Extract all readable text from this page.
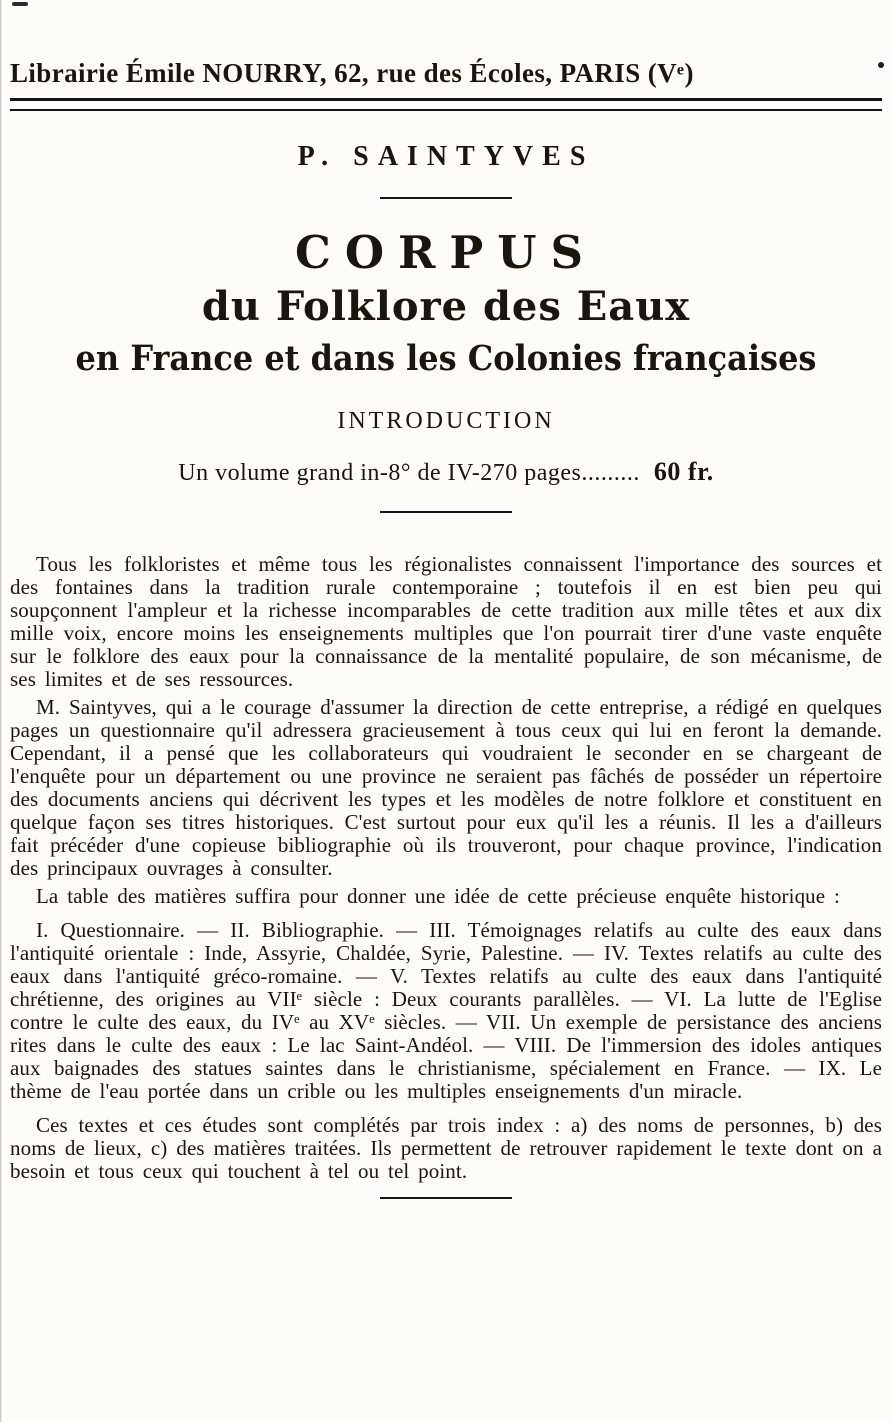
Librairie Émile NOURRY, 62, rue des Écoles, PARIS (Vᵉ)
P. SAINTYVES
CORPUS
du Folklore des Eaux
en France et dans les Colonies françaises
INTRODUCTION
Un volume grand in-8° de IV-270 pages......... 60 fr.

Tous les folkloristes et même tous les régionalistes connaissent l'importance des sources et des fontaines dans la tradition rurale contemporaine ; toutefois il en est bien peu qui soupçonnent l'ampleur et la richesse incomparables de cette tradition aux mille têtes et aux dix mille voix, encore moins les enseignements multiples que l'on pourrait tirer d'une vaste enquête sur le folklore des eaux pour la connaissance de la mentalité populaire, de son mécanisme, de ses limites et de ses ressources.

M. Saintyves, qui a le courage d'assumer la direction de cette entreprise, a rédigé en quelques pages un questionnaire qu'il adressera gracieusement à tous ceux qui lui en feront la demande. Cependant, il a pensé que les collaborateurs qui voudraient le seconder en se chargeant de l'enquête pour un département ou une province ne seraient pas fâchés de posséder un répertoire des documents anciens qui décrivent les types et les modèles de notre folklore et constituent en quelque façon ses titres historiques. C'est surtout pour eux qu'il les a réunis. Il les a d'ailleurs fait précéder d'une copieuse bibliographie où ils trouveront, pour chaque province, l'indication des principaux ouvrages à consulter.

La table des matières suffira pour donner une idée de cette précieuse enquête historique :

I. Questionnaire. — II. Bibliographie. — III. Témoignages relatifs au culte des eaux dans l'antiquité orientale : Inde, Assyrie, Chaldée, Syrie, Palestine. — IV. Textes relatifs au culte des eaux dans l'antiquité gréco-romaine. — V. Textes relatifs au culte des eaux dans l'antiquité chrétienne, des origines au VIIᵉ siècle : Deux courants parallèles. — VI. La lutte de l'Eglise contre le culte des eaux, du IVᵉ au XVᵉ siècles. — VII. Un exemple de persistance des anciens rites dans le culte des eaux : Le lac Saint-Andéol. — VIII. De l'immersion des idoles antiques aux baignades des statues saintes dans le christianisme, spécialement en France. — IX. Le thème de l'eau portée dans un crible ou les multiples enseignements d'un miracle.

Ces textes et ces études sont complétés par trois index : a) des noms de personnes, b) des noms de lieux, c) des matières traitées. Ils permettent de retrouver rapidement le texte dont on a besoin et tous ceux qui touchent à tel ou tel point.
